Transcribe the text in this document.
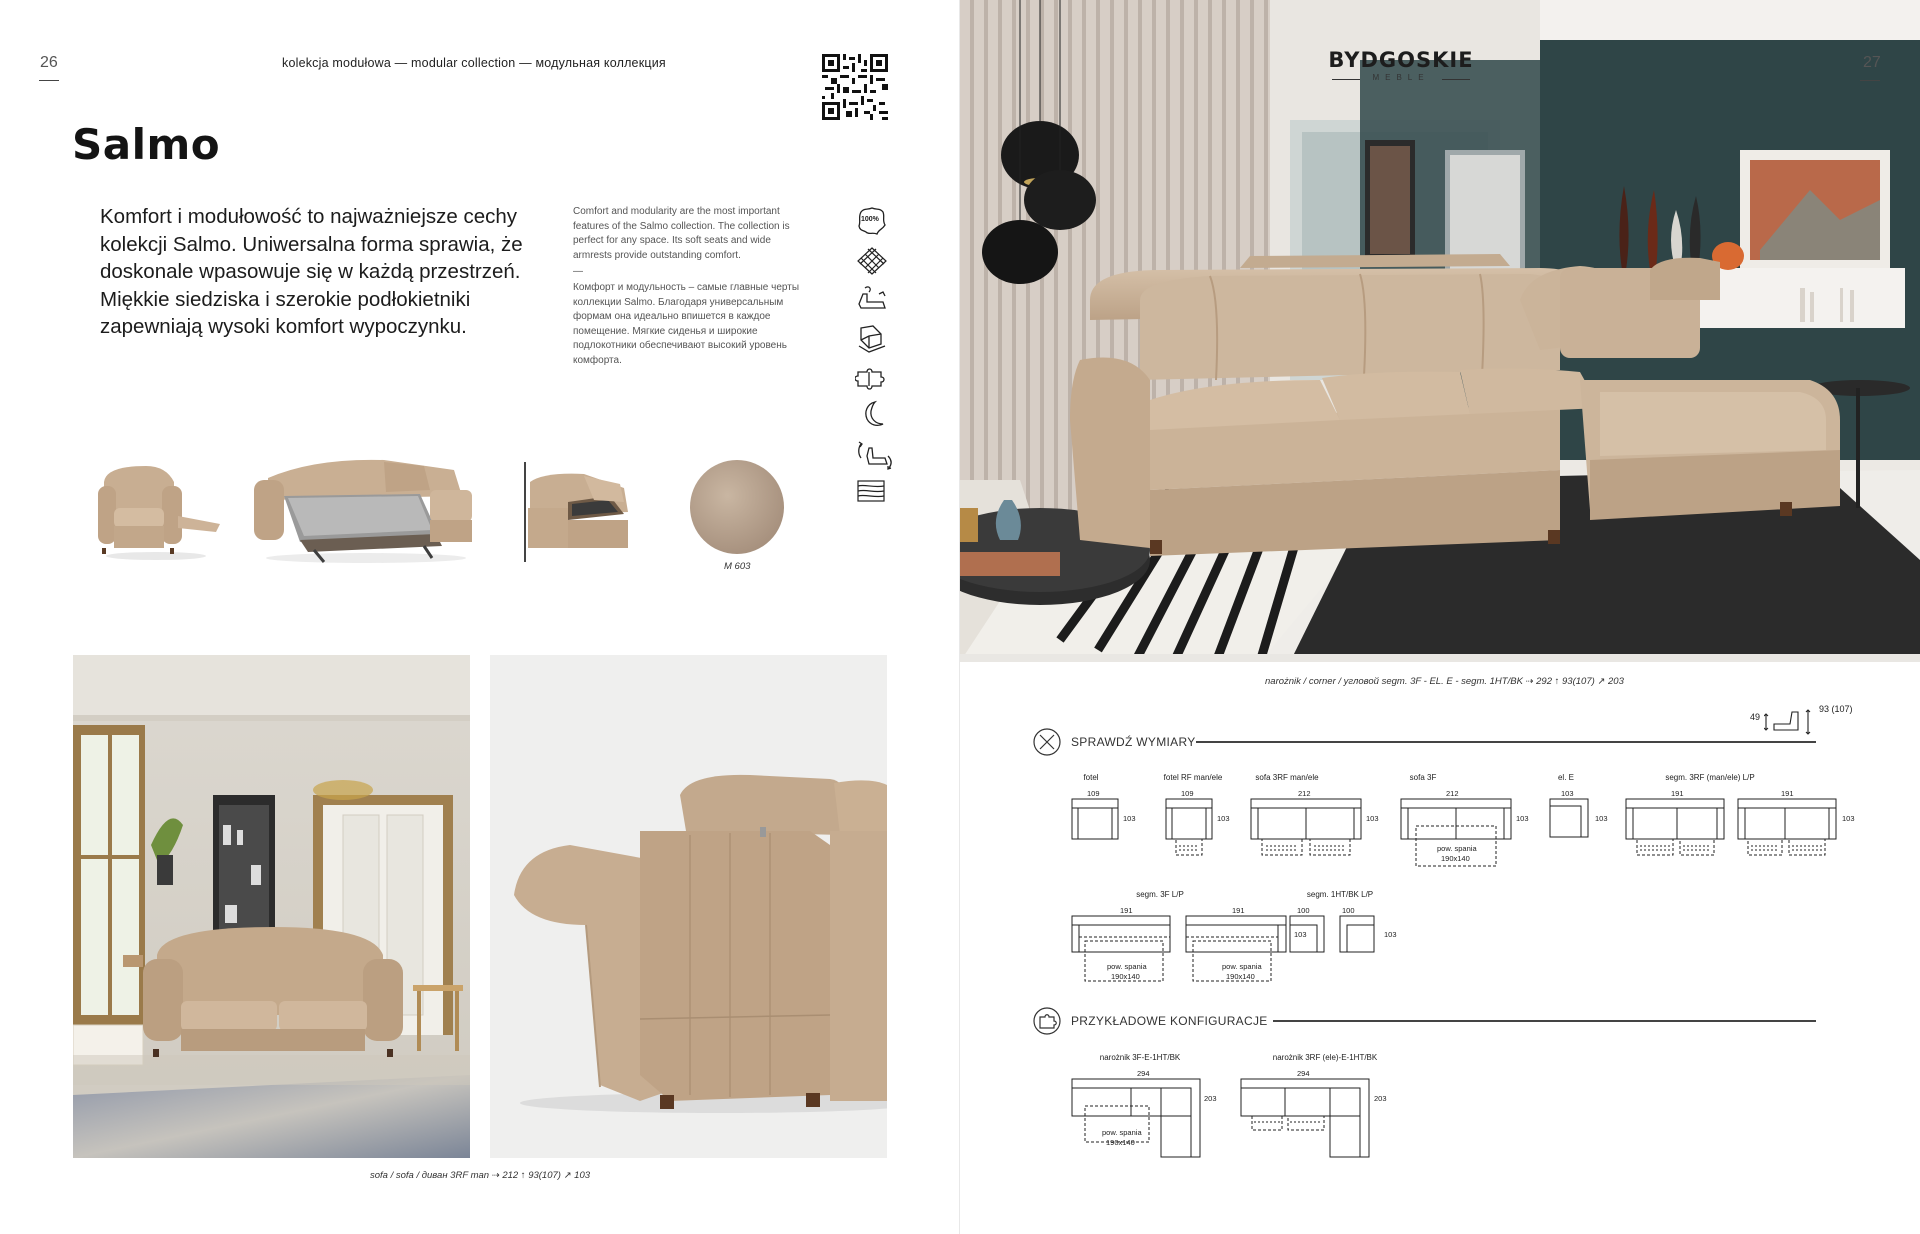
26	kolekcja modułowa — modular collection — модульная коллекция
Salmo
Komfort i modułowość to najważniejsze cechy kolekcji Salmo. Uniwersalna forma sprawia, że doskonale wpasowuje się w każdą przestrzeń. Miękkie siedziska i szerokie podłokietniki zapewniają wysoki komfort wypoczynku.
Comfort and modularity are the most important features of the Salmo collection. The collection is perfect for any space. Its soft seats and wide armrests provide outstanding comfort.
—
Комфорт и модульность – самые главные черты коллекции Salmo. Благодаря универсальным формам она идеально впишется в каждое помещение. Мягкие сиденья и широкие подлокотники обеспечивают высокий уровень комфорта.
100%
M 603
sofa / sofa / диван 3RF man ⇢ 212 ↑ 93(107) ↗ 103
BYDGOSKIE
MEBLE
27
narożnik / corner / угловой segm. 3F - EL. E - segm. 1HT/BK ⇢ 292 ↑ 93(107) ↗ 203
49
93 (107)
SPRAWDŹ WYMIARY
fotel
109
103
fotel RF man/ele
109
103
sofa 3RF man/ele
212
103
sofa 3F
212
pow. spania
190x140
103
el. E
103
103
segm. 3RF (man/ele) L/P
191	191
103
segm. 3F L/P
191	191
pow. spania
190x140
pow. spania
190x140
103
segm. 1HT/BK L/P
100	100
103
PRZYKŁADOWE KONFIGURACJE
narożnik 3F-E-1HT/BK
294
pow. spania
190x140
203
narożnik 3RF (ele)-E-1HT/BK
294
203
